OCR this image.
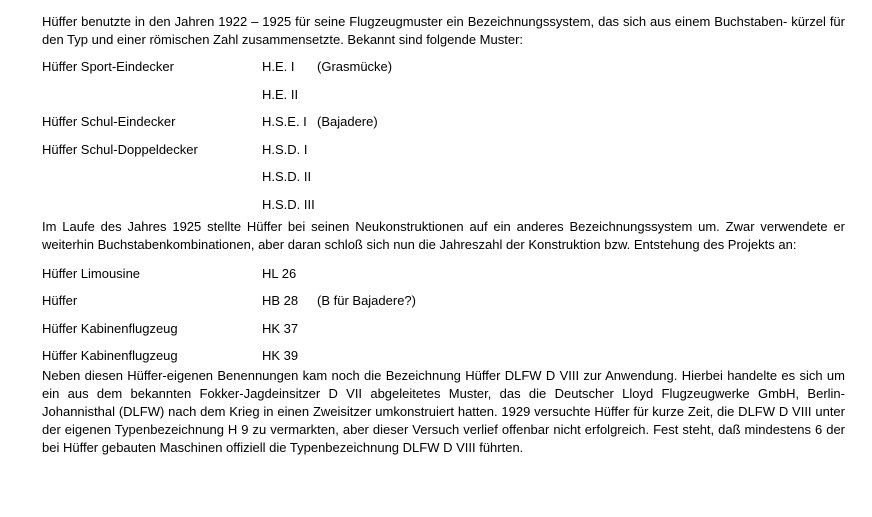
Hüffer benutzte in den Jahren 1922 – 1925 für seine Flugzeugmuster ein Bezeichnungssystem, das sich aus einem Buchstaben- kürzel für den Typ und einer römischen Zahl zusammensetzte. Bekannt sind folgende Muster:

Hüffer Sport-Eindecker	H.E. I (Grasmücke)
H.E. II
Hüffer Schul-Eindecker	H.S.E. I (Bajadere)
Hüffer Schul-Doppeldecker	H.S.D. I
H.S.D. II
H.S.D. III

Im Laufe des Jahres 1925 stellte Hüffer bei seinen Neukonstruktionen auf ein anderes Bezeichnungssystem um. Zwar verwendete er weiterhin Buchstabenkombinationen, aber daran schloß sich nun die Jahreszahl der Konstruktion bzw. Entstehung des Projekts an:

Hüffer Limousine	HL 26
Hüffer	HB 28 (B für Bajadere?)
Hüffer Kabinenflugzeug	HK 37
Hüffer Kabinenflugzeug	HK 39

Neben diesen Hüffer-eigenen Benennungen kam noch die Bezeichnung Hüffer DLFW D VIII zur Anwendung. Hierbei handelte es sich um ein aus dem bekannten Fokker-Jagdeinsitzer D VII abgeleitetes Muster, das die Deutscher Lloyd Flugzeugwerke GmbH, Berlin-Johannisthal (DLFW) nach dem Krieg in einen Zweisitzer umkonstruiert hatten. 1929 versuchte Hüffer für kurze Zeit, die DLFW D VIII unter der eigenen Typenbezeichnung H 9 zu vermarkten, aber dieser Versuch verlief offenbar nicht erfolgreich. Fest steht, daß mindestens 6 der bei Hüffer gebauten Maschinen offiziell die Typenbezeichnung DLFW D VIII führten.
